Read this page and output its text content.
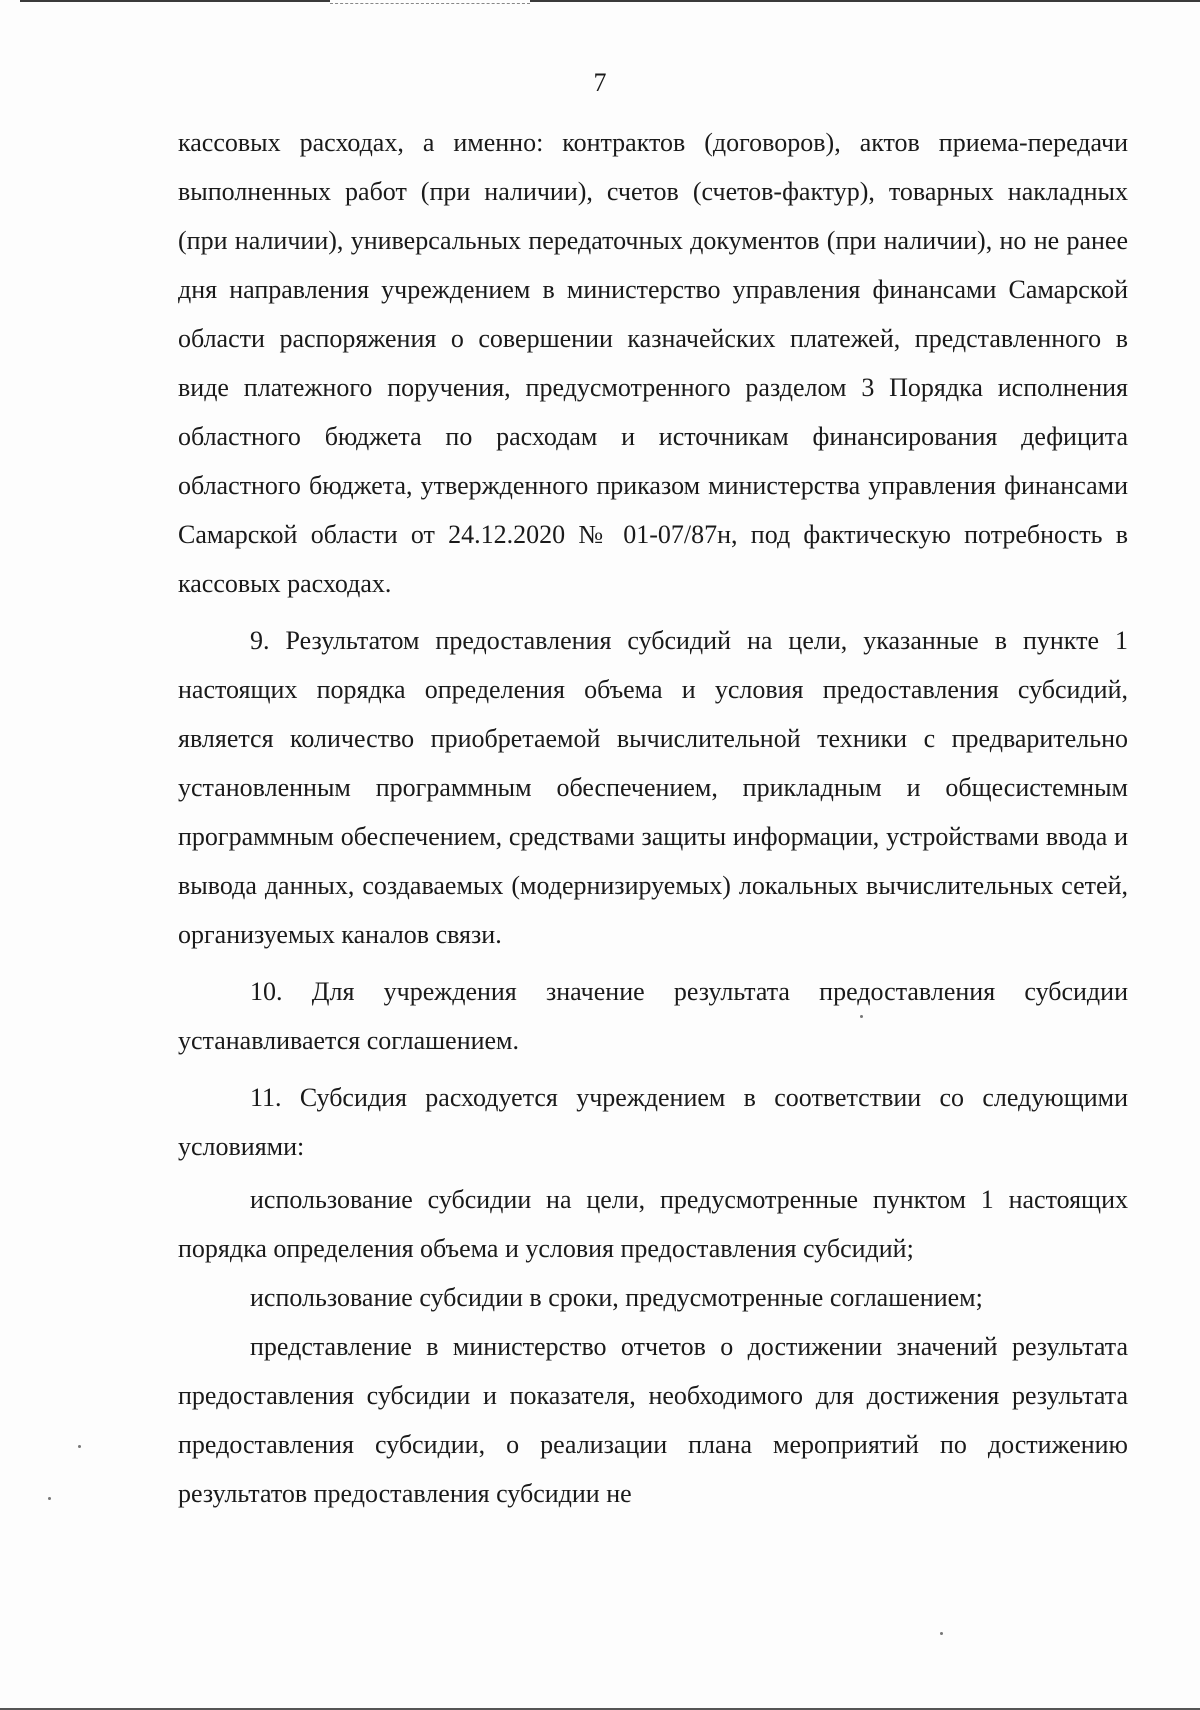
7

кассовых расходах, а именно: контрактов (договоров), актов приема-передачи выполненных работ (при наличии), счетов (счетов-фактур), товарных накладных (при наличии), универсальных передаточных документов (при наличии), но не ранее дня направления учреждением в министерство управления финансами Самарской области распоряжения о совершении казначейских платежей, представленного в виде платежного поручения, предусмотренного разделом 3 Порядка исполнения областного бюджета по расходам и источникам финансирования дефицита областного бюджета, утвержденного приказом министерства управления финансами Самарской области от 24.12.2020 № 01-07/87н, под фактическую потребность в кассовых расходах.

9. Результатом предоставления субсидий на цели, указанные в пункте 1 настоящих порядка определения объема и условия предоставления субсидий, является количество приобретаемой вычислительной техники с предварительно установленным программным обеспечением, прикладным и общесистемным программным обеспечением, средствами защиты информации, устройствами ввода и вывода данных, создаваемых (модернизируемых) локальных вычислительных сетей, организуемых каналов связи.

10. Для учреждения значение результата предоставления субсидии устанавливается соглашением.

11. Субсидия расходуется учреждением в соответствии со следующими условиями:

использование субсидии на цели, предусмотренные пунктом 1 настоящих порядка определения объема и условия предоставления субсидий;

использование субсидии в сроки, предусмотренные соглашением;

представление в министерство отчетов о достижении значений результата предоставления субсидии и показателя, необходимого для достижения результата предоставления субсидии, о реализации плана мероприятий по достижению результатов предоставления субсидии не
